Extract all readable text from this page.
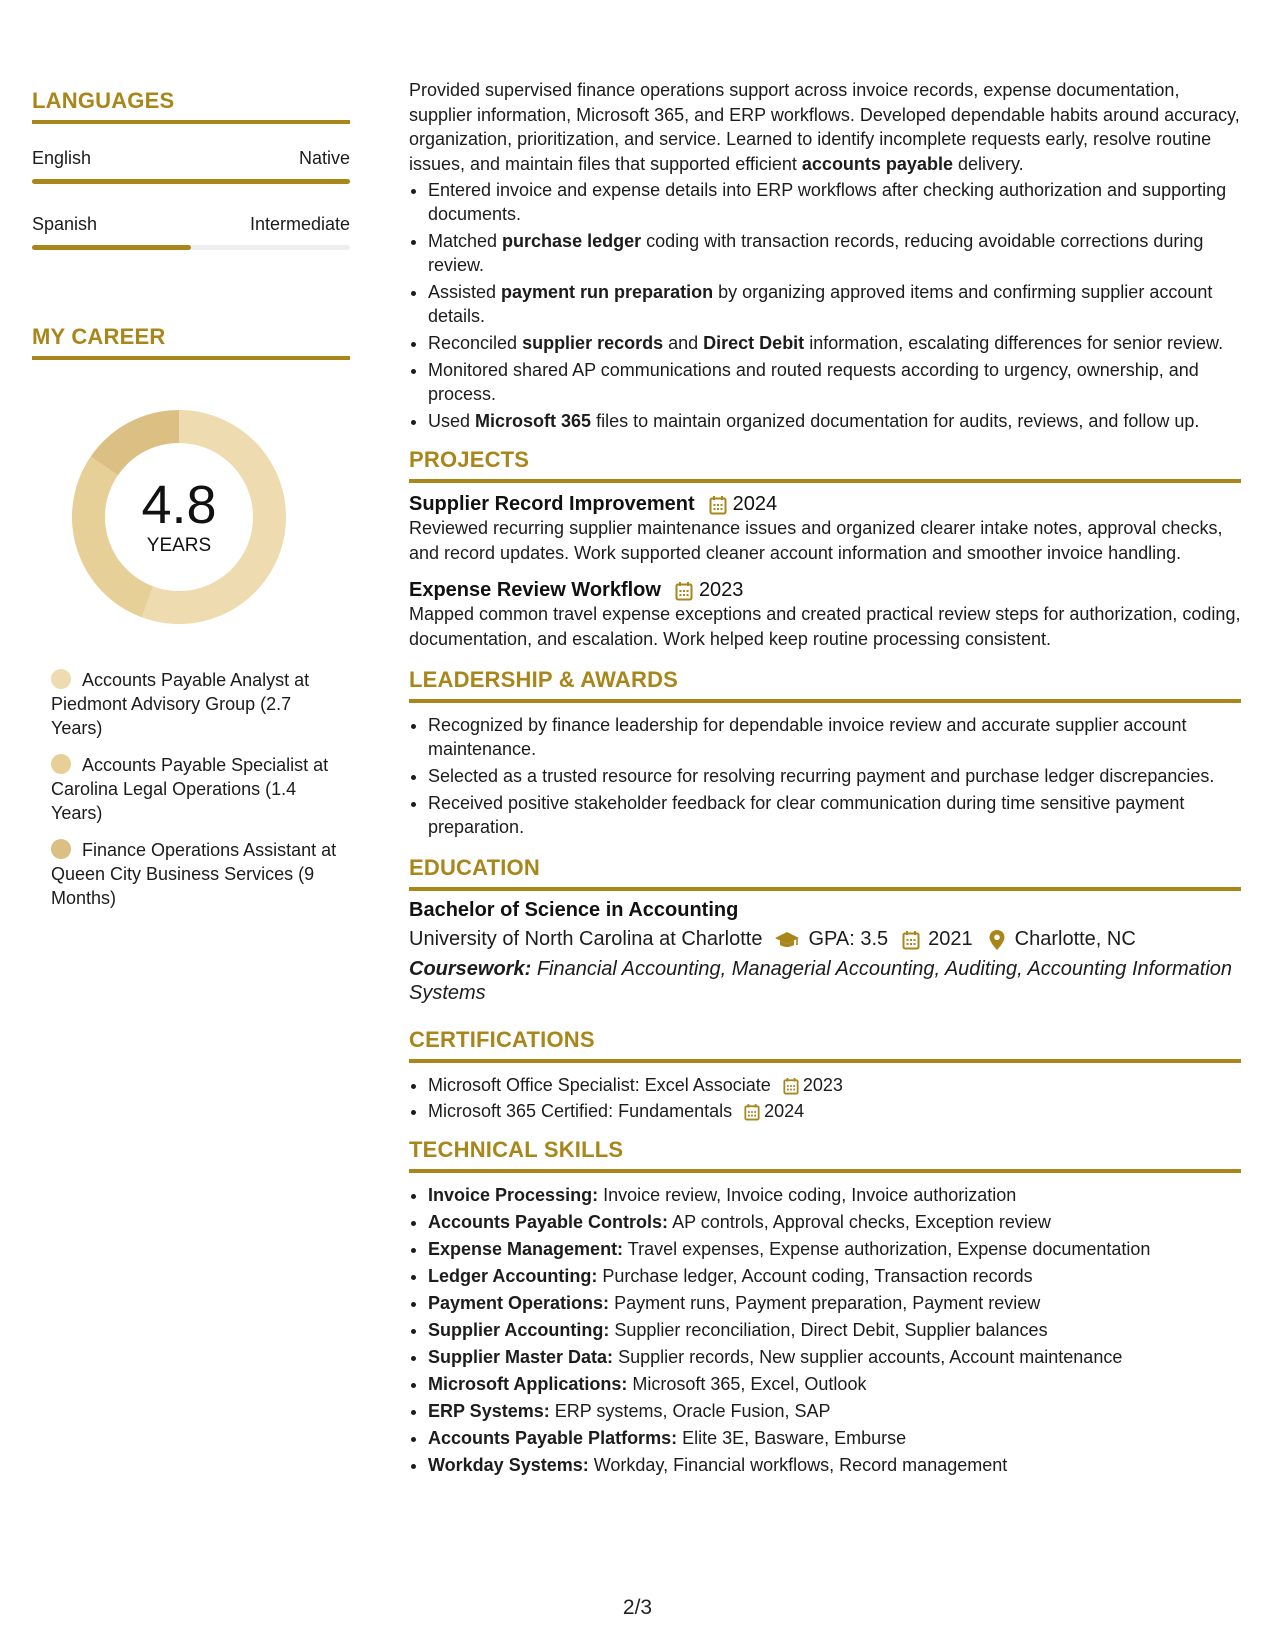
LANGUAGES
English	Native
Spanish	Intermediate
MY CAREER
4.8
YEARS
Accounts Payable Analyst at Piedmont Advisory Group (2.7 Years)
Accounts Payable Specialist at Carolina Legal Operations (1.4 Years)
Finance Operations Assistant at Queen City Business Services (9 Months)

Provided supervised finance operations support across invoice records, expense documentation, supplier information, Microsoft 365, and ERP workflows. Developed dependable habits around accuracy, organization, prioritization, and service. Learned to identify incomplete requests early, resolve routine issues, and maintain files that supported efficient accounts payable delivery.

• Entered invoice and expense details into ERP workflows after checking authorization and supporting documents.
• Matched purchase ledger coding with transaction records, reducing avoidable corrections during review.
• Assisted payment run preparation by organizing approved items and confirming supplier account details.
• Reconciled supplier records and Direct Debit information, escalating differences for senior review.
• Monitored shared AP communications and routed requests according to urgency, ownership, and process.
• Used Microsoft 365 files to maintain organized documentation for audits, reviews, and follow up.
PROJECTS
Supplier Record Improvement 2024

Reviewed recurring supplier maintenance issues and organized clearer intake notes, approval checks, and record updates. Work supported cleaner account information and smoother invoice handling.

Expense Review Workflow 2023

Mapped common travel expense exceptions and created practical review steps for authorization, coding, documentation, and escalation. Work helped keep routine processing consistent.

LEADERSHIP & AWARDS
• Recognized by finance leadership for dependable invoice review and accurate supplier account maintenance.
• Selected as a trusted resource for resolving recurring payment and purchase ledger discrepancies.
• Received positive stakeholder feedback for clear communication during time sensitive payment preparation.
EDUCATION
Bachelor of Science in Accounting
University of North Carolina at Charlotte GPA: 3.5 2021 Charlotte, NC
Coursework: Financial Accounting, Managerial Accounting, Auditing, Accounting Information Systems
CERTIFICATIONS
• Microsoft Office Specialist: Excel Associate 2023
• Microsoft 365 Certified: Fundamentals 2024
TECHNICAL SKILLS
• Invoice Processing: Invoice review, Invoice coding, Invoice authorization
• Accounts Payable Controls: AP controls, Approval checks, Exception review
• Expense Management: Travel expenses, Expense authorization, Expense documentation
• Ledger Accounting: Purchase ledger, Account coding, Transaction records
• Payment Operations: Payment runs, Payment preparation, Payment review
• Supplier Accounting: Supplier reconciliation, Direct Debit, Supplier balances
• Supplier Master Data: Supplier records, New supplier accounts, Account maintenance
• Microsoft Applications: Microsoft 365, Excel, Outlook
• ERP Systems: ERP systems, Oracle Fusion, SAP
• Accounts Payable Platforms: Elite 3E, Basware, Emburse
• Workday Systems: Workday, Financial workflows, Record management
2/3
